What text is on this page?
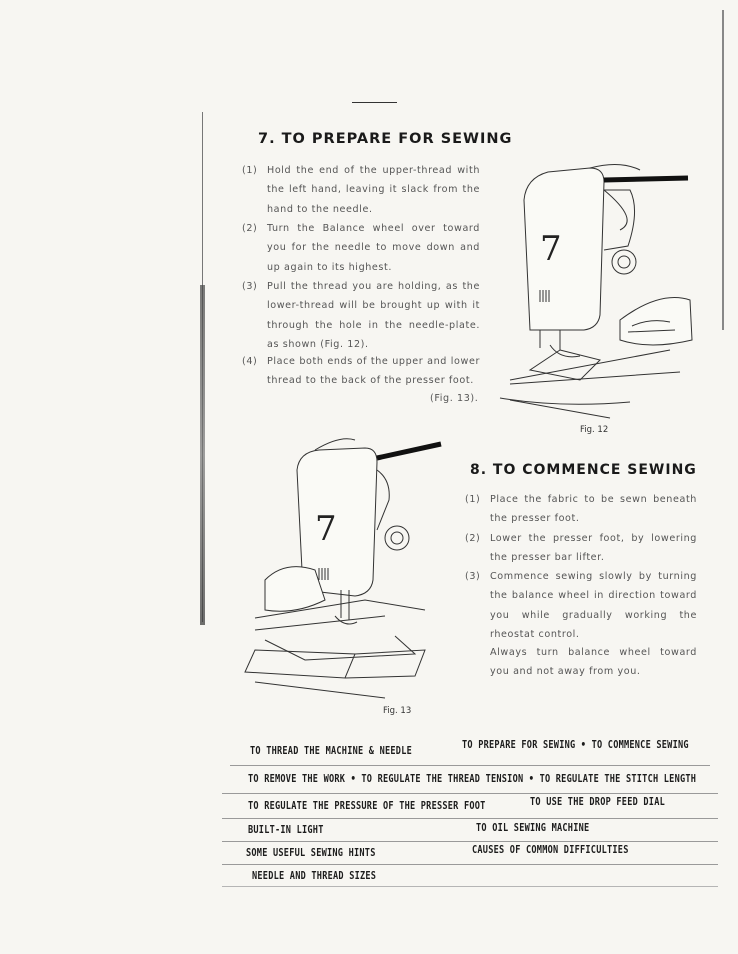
7. TO PREPARE FOR SEWING
(1) Hold the end of the upper-thread with the left hand, leaving it slack from the hand to the needle.
(2) Turn the Balance wheel over toward you for the needle to move down and up again to its highest.
(3) Pull the thread you are holding, as the lower-thread will be brought up with it through the hole in the needle-plate. as shown (Fig. 12).
(4) Place both ends of the upper and lower thread to the back of the presser foot.
(Fig. 13).
7
Fig. 12
7
Fig. 13
8. TO COMMENCE SEWING
(1) Place the fabric to be sewn beneath the presser foot.
(2) Lower the presser foot, by lowering the presser bar lifter.
(3) Commence sewing slowly by turning the balance wheel in direction toward you while gradually working the rheostat control.
Always turn balance wheel toward you and not away from you.
TO THREAD THE MACHINE & NEEDLE	TO PREPARE FOR SEWING • TO COMMENCE SEWING
TO REMOVE THE WORK • TO REGULATE THE THREAD TENSION • TO REGULATE THE STITCH LENGTH
TO REGULATE THE PRESSURE OF THE PRESSER FOOT	TO USE THE DROP FEED DIAL
BUILT-IN LIGHT	TO OIL SEWING MACHINE
SOME USEFUL SEWING HINTS	CAUSES OF COMMON DIFFICULTIES
NEEDLE AND THREAD SIZES
